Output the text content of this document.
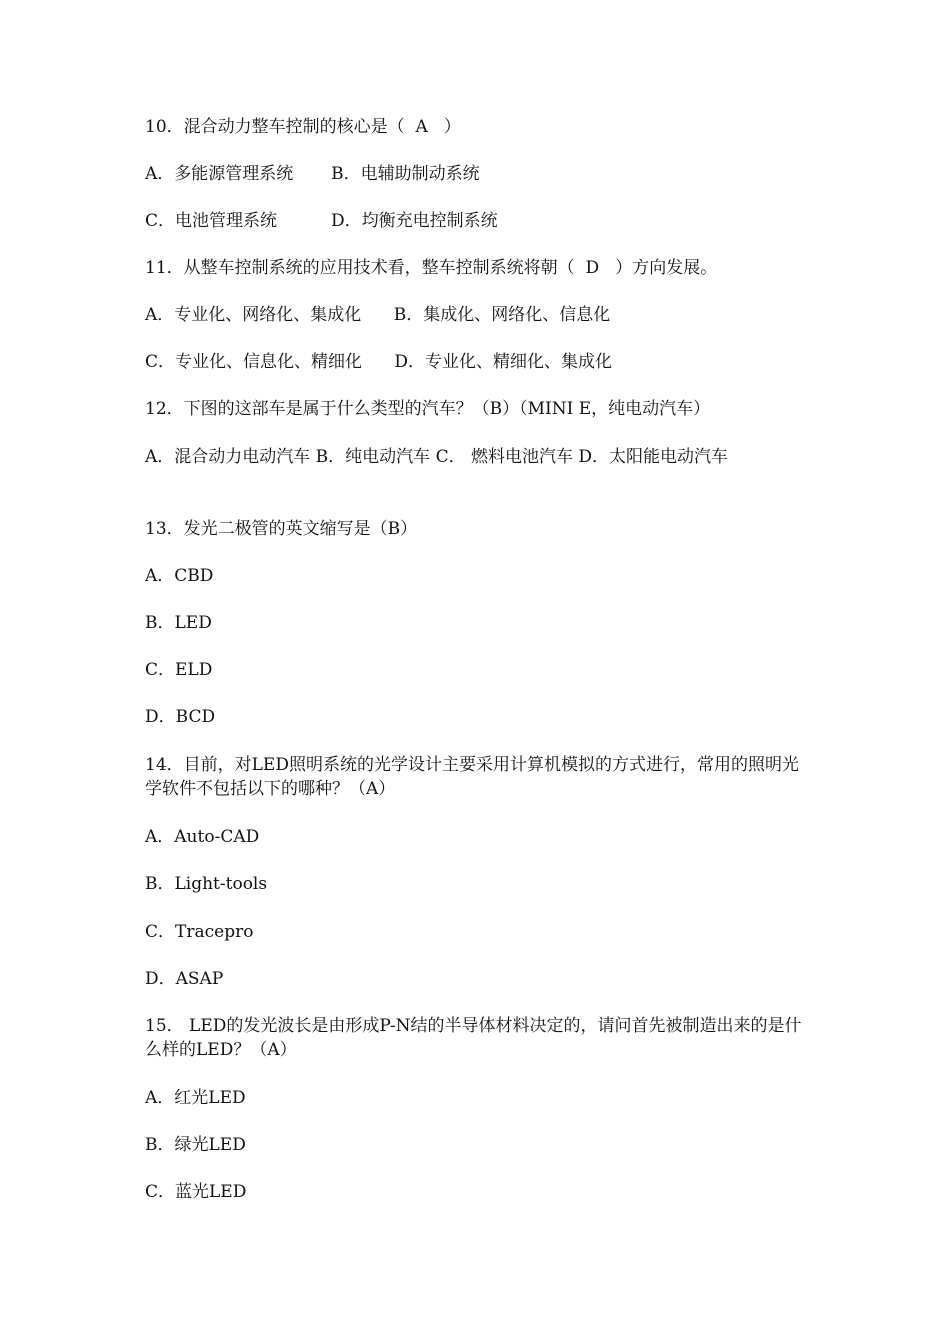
10．混合动力整车控制的核心是（  A   ）
A．多能源管理系统       B．电辅助制动系统
C．电池管理系统          D．均衡充电控制系统
11．从整车控制系统的应用技术看，整车控制系统将朝（  D   ）方向发展。
A．专业化、网络化、集成化      B．集成化、网络化、信息化
C．专业化、信息化、精细化      D．专业化、精细化、集成化
12．下图的这部车是属于什么类型的汽车？（B）（MINI E，纯电动汽车）
A．混合动力电动汽车 B．纯电动汽车 C． 燃料电池汽车 D．太阳能电动汽车
13．发光二极管的英文缩写是（B）
A．CBD
B．LED
C．ELD
D．BCD
14．目前，对LED照明系统的光学设计主要采用计算机模拟的方式进行，常用的照明光学软件不包括以下的哪种？（A）
A．Auto-CAD
B．Light-tools
C．Tracepro
D．ASAP
15． LED的发光波长是由形成P-N结的半导体材料决定的，请问首先被制造出来的是什么样的LED？（A）
A．红光LED
B．绿光LED
C．蓝光LED
